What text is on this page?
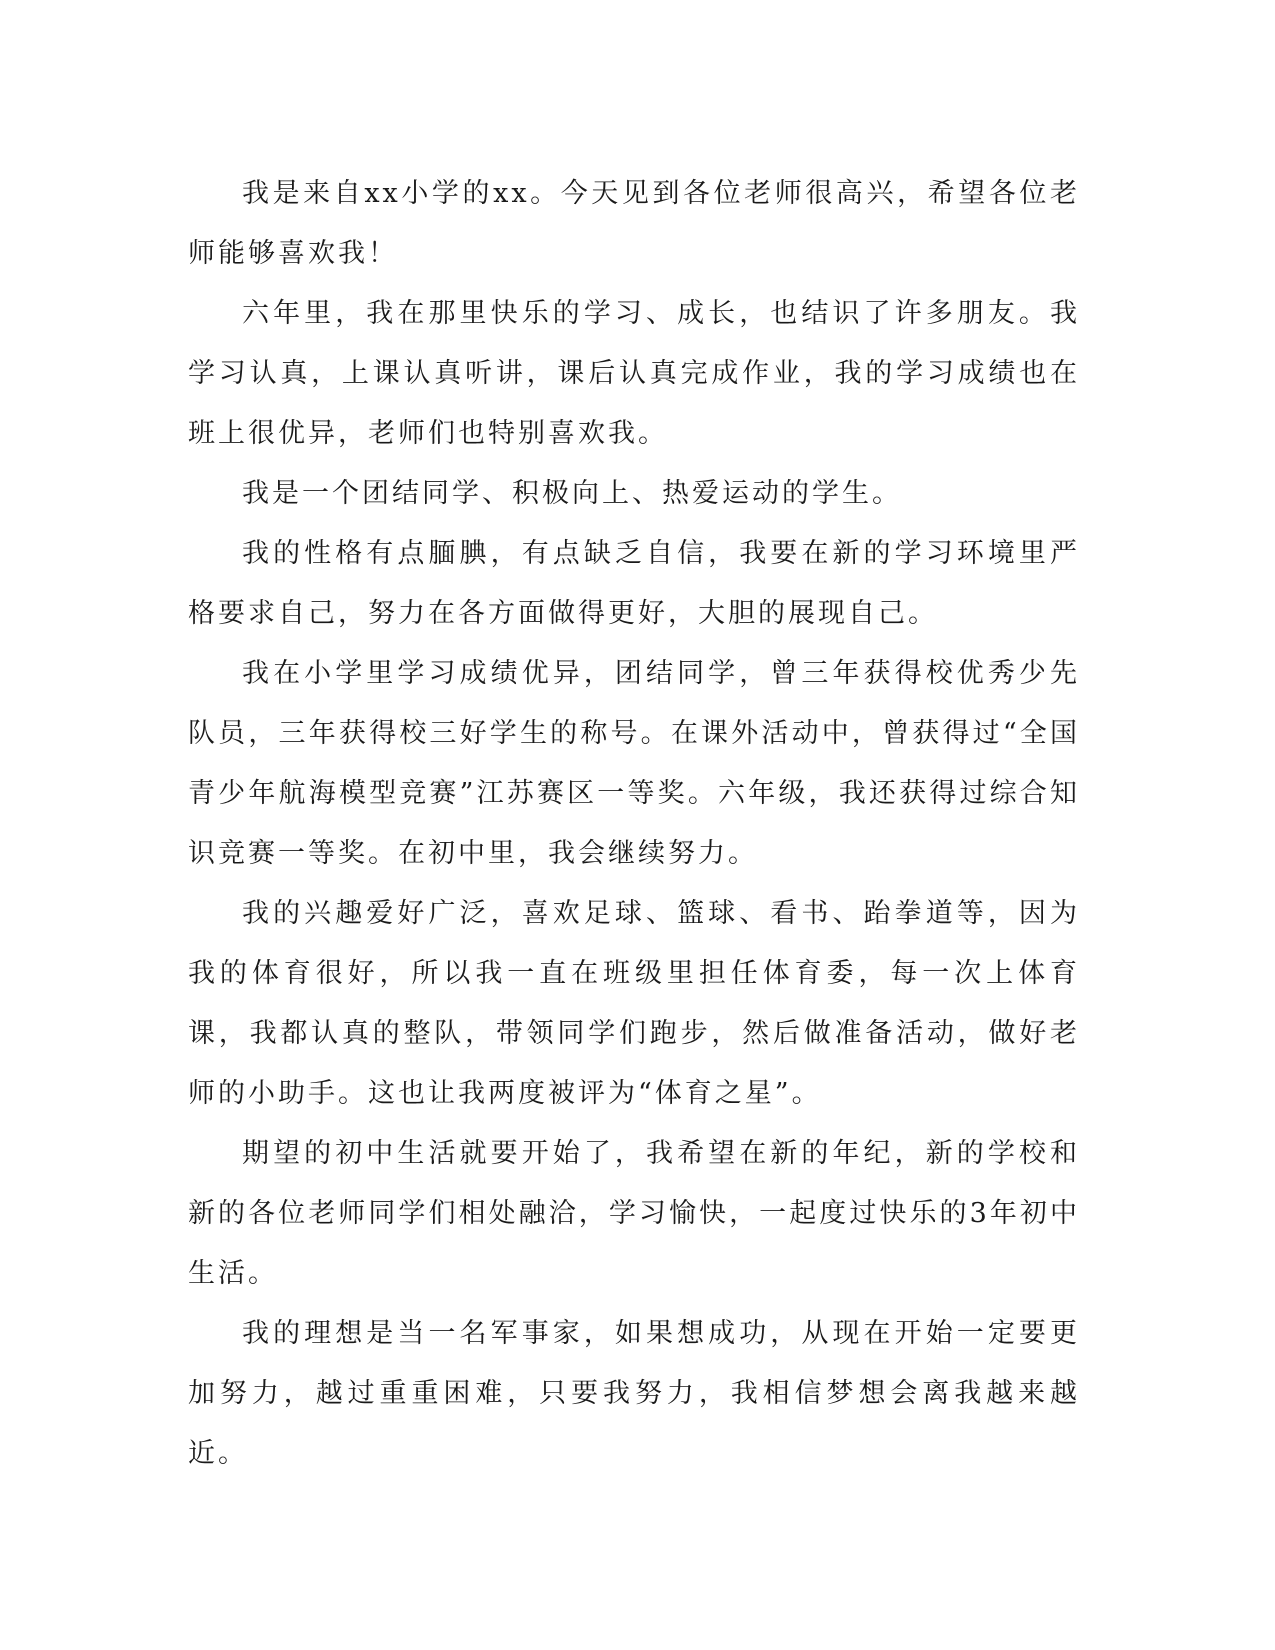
我是来自xx小学的xx。今天见到各位老师很高兴，希望各位老师能够喜欢我！

六年里，我在那里快乐的学习、成长，也结识了许多朋友。我学习认真，上课认真听讲，课后认真完成作业，我的学习成绩也在班上很优异，老师们也特别喜欢我。

我是一个团结同学、积极向上、热爱运动的学生。

我的性格有点腼腆，有点缺乏自信，我要在新的学习环境里严格要求自己，努力在各方面做得更好，大胆的展现自己。

我在小学里学习成绩优异，团结同学，曾三年获得校优秀少先队员，三年获得校三好学生的称号。在课外活动中，曾获得过“全国青少年航海模型竞赛”江苏赛区一等奖。六年级，我还获得过综合知识竞赛一等奖。在初中里，我会继续努力。

我的兴趣爱好广泛，喜欢足球、篮球、看书、跆拳道等，因为我的体育很好，所以我一直在班级里担任体育委，每一次上体育课，我都认真的整队，带领同学们跑步，然后做准备活动，做好老师的小助手。这也让我两度被评为“体育之星”。

期望的初中生活就要开始了，我希望在新的年纪，新的学校和新的各位老师同学们相处融洽，学习愉快，一起度过快乐的3年初中生活。

我的理想是当一名军事家，如果想成功，从现在开始一定要更加努力，越过重重困难，只要我努力，我相信梦想会离我越来越近。
